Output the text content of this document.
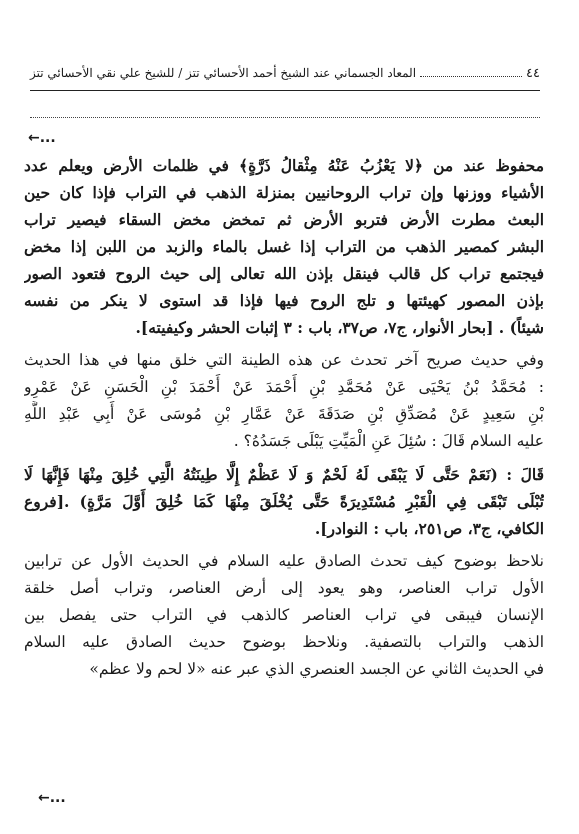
٤٤
المعاد الجسماني عند الشيخ أحمد الأحسائي تتز / للشيخ علي نقي الأحسائي تتز
←...
محفوظ عند من ﴿لا يَعْزُبُ عَنْهُ مِثْقالُ ذَرَّةٍ﴾ في ظلمات الأرض ويعلم عدد
الأشياء ووزنها وإن تراب الروحانيين بمنزلة الذهب في التراب فإذا كان حين
البعث مطرت الأرض فتربو الأرض ثم تمخض مخض السقاء فيصير تراب
البشر كمصير الذهب من التراب إذا غسل بالماء والزبد من اللبن إذا مخض
فيجتمع تراب كل قالب فينقل بإذن الله تعالى إلى حيث الروح فتعود الصور
بإذن المصور كهيئتها و تلج الروح فيها فإذا قد استوى لا ينكر من نفسه
شيئاً) . [بحار الأنوار، ج٧، ص٣٧، باب : ٣ إثبات الحشر وكيفيته].
وفي حديث صريح آخر تحدث عن هذه الطينة التي خلق منها في هذا الحديث
: مُحَمَّدُ بْنُ يَحْيَى عَنْ مُحَمَّدِ بْنِ أَحْمَدَ عَنْ أَحْمَدَ بْنِ الْحَسَنِ عَنْ عَمْرِو
بْنِ سَعِيدٍ عَنْ مُصَدِّقِ بْنِ صَدَقَةَ عَنْ عَمَّارِ بْنِ مُوسَى عَنْ أَبِي عَبْدِ اللَّهِ
عليه السلام قَالَ : سُئِلَ عَنِ الْمَيِّتِ يَبْلَى جَسَدُهُ؟ .
قَالَ : (نَعَمْ حَتَّى لَا يَبْقَى لَهُ لَحْمٌ وَ لَا عَظْمٌ إِلَّا طِينَتُهُ الَّتِي خُلِقَ مِنْهَا فَإِنَّهَا لَا
تُبْلَى تَبْقَى فِي الْقَبْرِ مُسْتَدِيرَةً حَتَّى يُخْلَقَ مِنْهَا كَمَا خُلِقَ أَوَّلَ مَرَّةٍ) .[فروع
الكافي، ج٣، ص٢٥١، باب : النوادر].
نلاحظ بوضوح كيف تحدث الصادق عليه السلام في الحديث الأول عن ترابين
الأول تراب العناصر، وهو يعود إلى أرض العناصر، وتراب أصل خلقة
الإنسان فيبقى في تراب العناصر كالذهب في التراب حتى يفصل بين
الذهب والتراب بالتصفية. ونلاحظ بوضوح حديث الصادق عليه السلام
في الحديث الثاني عن الجسد العنصري الذي عبر عنه «لا لحم ولا عظم»
←...
